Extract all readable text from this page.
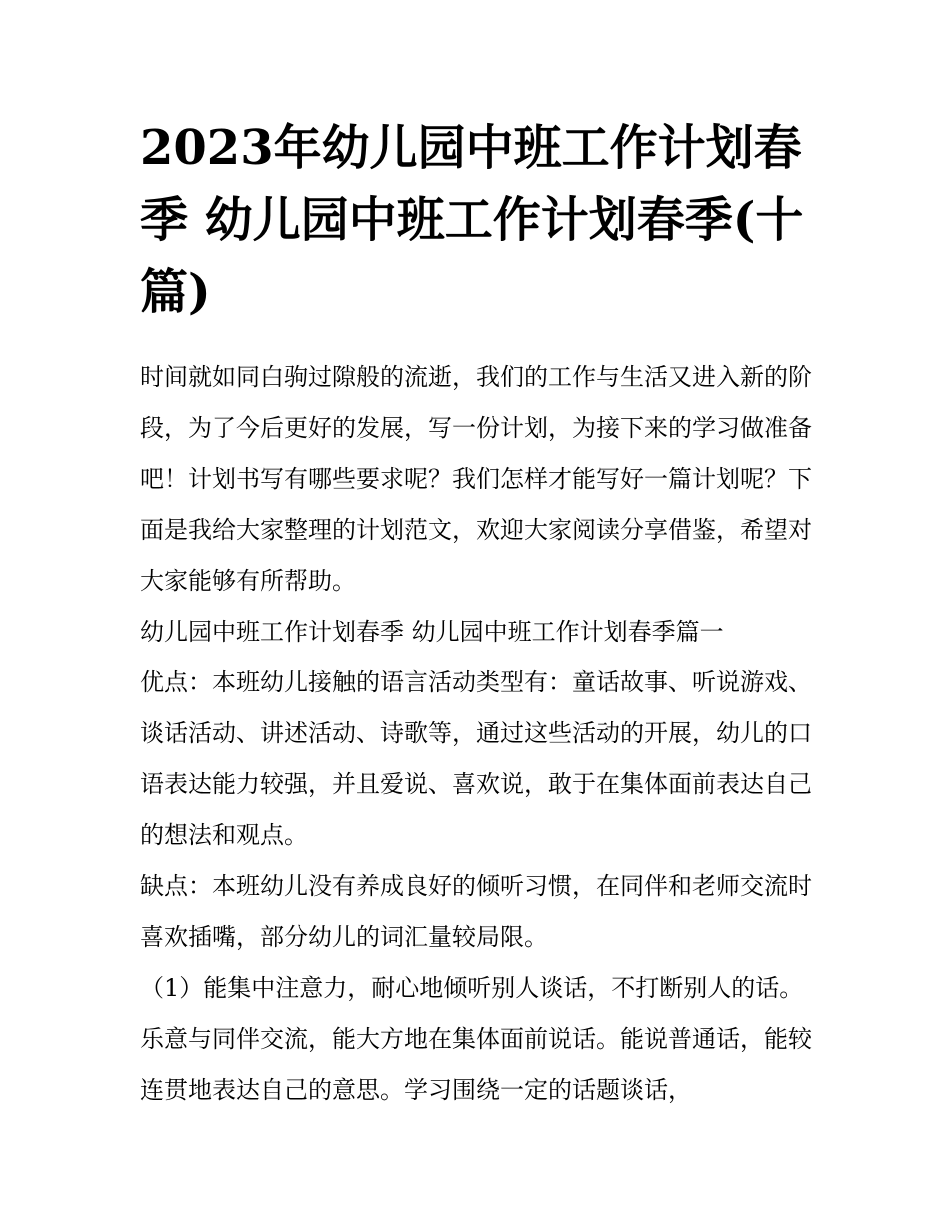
2023年幼儿园中班工作计划春季 幼儿园中班工作计划春季(十篇)

时间就如同白驹过隙般的流逝，我们的工作与生活又进入新的阶段，为了今后更好的发展，写一份计划，为接下来的学习做准备吧！计划书写有哪些要求呢？我们怎样才能写好一篇计划呢？下面是我给大家整理的计划范文，欢迎大家阅读分享借鉴，希望对大家能够有所帮助。

幼儿园中班工作计划春季 幼儿园中班工作计划春季篇一

优点：本班幼儿接触的语言活动类型有：童话故事、听说游戏、谈话活动、讲述活动、诗歌等，通过这些活动的开展，幼儿的口语表达能力较强，并且爱说、喜欢说，敢于在集体面前表达自己的想法和观点。

缺点：本班幼儿没有养成良好的倾听习惯，在同伴和老师交流时喜欢插嘴，部分幼儿的词汇量较局限。

（1）能集中注意力，耐心地倾听别人谈话，不打断别人的话。乐意与同伴交流，能大方地在集体面前说话。能说普通话，能较连贯地表达自己的意思。学习围绕一定的话题谈话，
